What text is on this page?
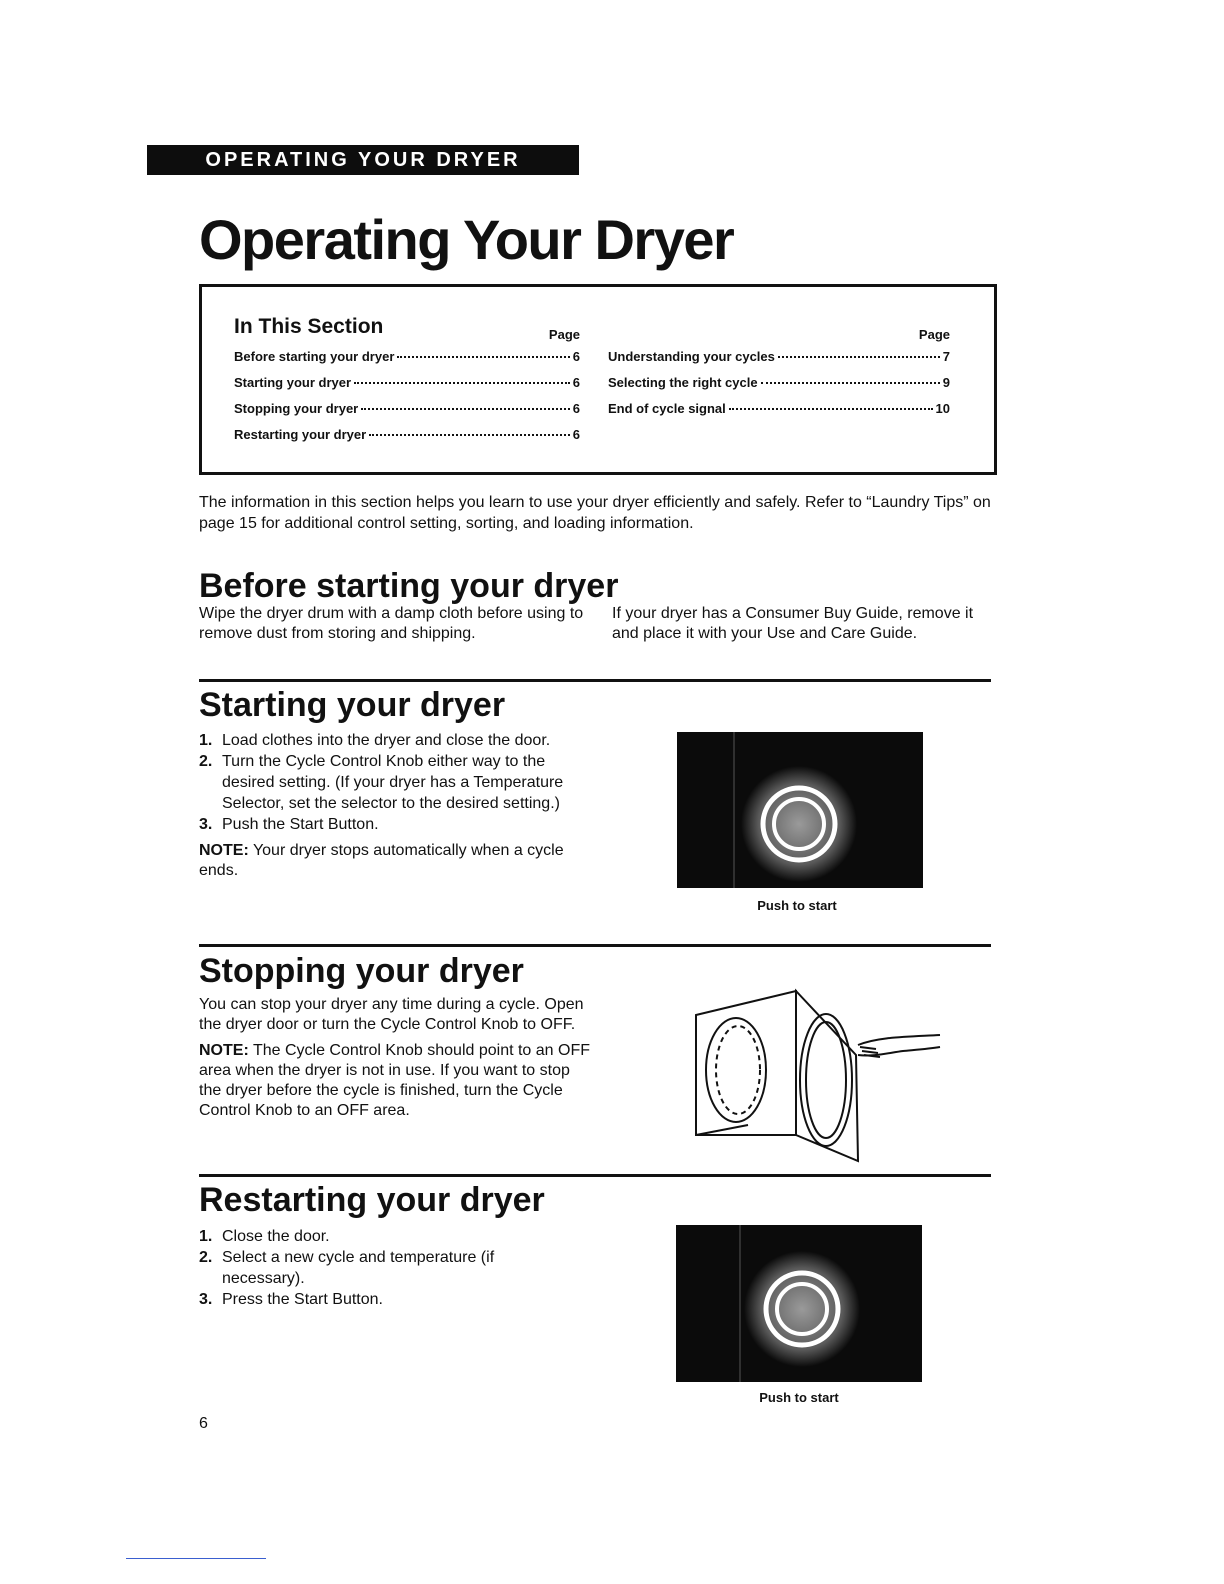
OPERATING YOUR DRYER
Operating Your Dryer
In This Section	Page
Before starting your dryer	6
Starting your dryer	6
Stopping your dryer	6
Restarting your dryer	6
Page
Understanding your cycles	7
Selecting the right cycle	9
End of cycle signal	10
The information in this section helps you learn to use your dryer efficiently and safely. Refer to “Laundry Tips” on page 15 for additional control setting, sorting, and loading information.
Before starting your dryer
Wipe the dryer drum with a damp cloth before using to remove dust from storing and shipping.
If your dryer has a Consumer Buy Guide, remove it and place it with your Use and Care Guide.
Starting your dryer
1. Load clothes into the dryer and close the door.
2. Turn the Cycle Control Knob either way to the desired setting. (If your dryer has a Temperature Selector, set the selector to the desired setting.)
3. Push the Start Button.
NOTE: Your dryer stops automatically when a cycle ends.
Push to start
Stopping your dryer
You can stop your dryer any time during a cycle. Open the dryer door or turn the Cycle Control Knob to OFF.
NOTE: The Cycle Control Knob should point to an OFF area when the dryer is not in use. If you want to stop the dryer before the cycle is finished, turn the Cycle Control Knob to an OFF area.
Restarting your dryer
1. Close the door.
2. Select a new cycle and temperature (if necessary).
3. Press the Start Button.
Push to start
6
